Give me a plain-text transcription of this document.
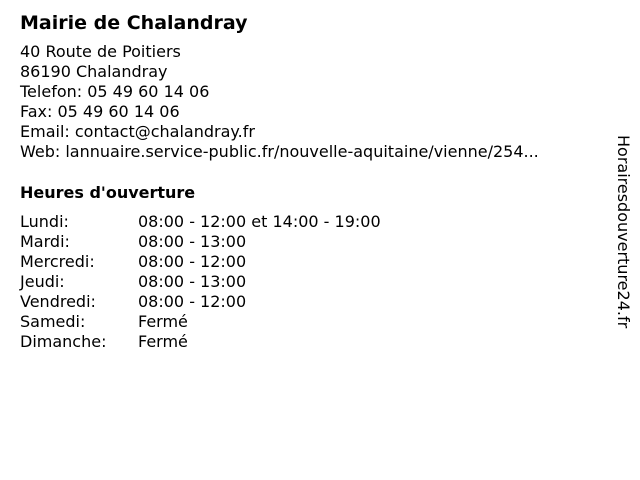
Mairie de Chalandray
40 Route de Poitiers
86190 Chalandray
Telefon: 05 49 60 14 06
Fax: 05 49 60 14 06
Email: contact@chalandray.fr
Web: lannuaire.service-public.fr/nouvelle-aquitaine/vienne/254...
Heures d'ouverture
Lundi:	08:00 - 12:00 et 14:00 - 19:00
Mardi:	08:00 - 13:00
Mercredi:	08:00 - 12:00
Jeudi:	08:00 - 13:00
Vendredi:	08:00 - 12:00
Samedi:	Fermé
Dimanche:	Fermé
Horairesdouverture24.fr
